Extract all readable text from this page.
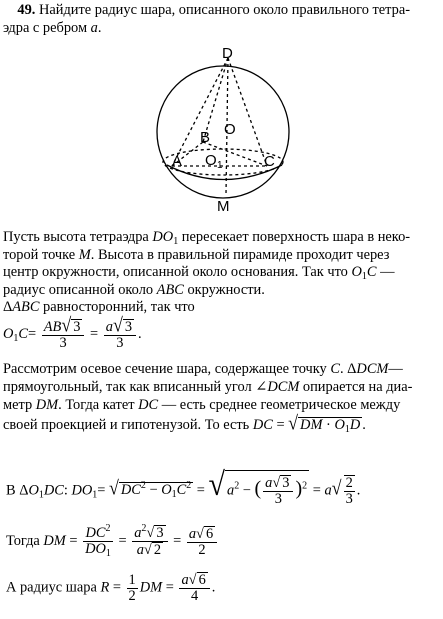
49. Найдите радиус шара, описанного около правильного тетра-
эдра с ребром a.
D
O
B
A O 1	C
M
Пусть высота тетраэдра $DO_1$ пересекает поверхность шара в неко-
торой точке M. Высота в правильной пирамиде проходит через
центр окружности, описанной около основания. Так что $O_1C$ —
радиус описанной около ABC окружности.
ΔABC равносторонний, так что
$O_1C= \frac{AB√ 3}{3} = \frac{a√ 3}{3}$ .
Рассмотрим осевое сечение шара, содержащее точку C. ΔDCM—
прямоугольный, так как вписанный угол ∠DCM опирается на диа-
метр DM. Тогда катет DC — есть среднее геометрическое между
своей проекцией и гипотенузой. То есть DC = √ DM · $O_1D$ .
В $\Delta O_1DC$: $DO_1=$ √ $DC^2 - O_1C^2$ = √ $a^2$ − ( $\frac{a√ 3}{3} )^2 = a√ \frac{2}{3}$ .
Тогда DM = $\frac{DC^2}{DO_1} = \frac{a^2√ 3}{a√ 2} = \frac{a√ 6}{2}$
А радиус шара $R = \frac{1}{2}$ DM = $\frac{a√ 6}{4}$ .
